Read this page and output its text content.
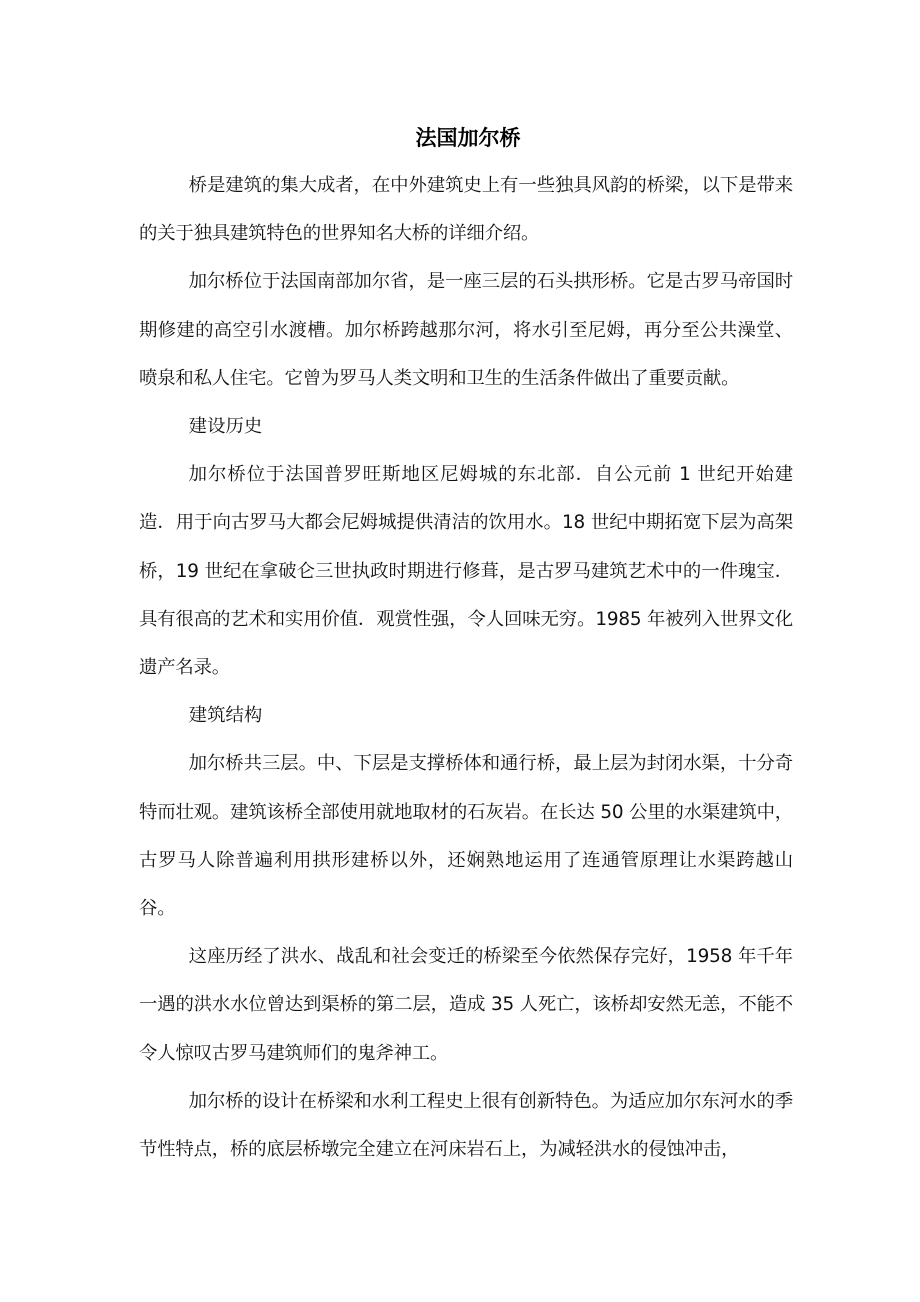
法国加尔桥

桥是建筑的集大成者，在中外建筑史上有一些独具风韵的桥梁，以下是带来的关于独具建筑特色的世界知名大桥的详细介绍。

加尔桥位于法国南部加尔省，是一座三层的石头拱形桥。它是古罗马帝国时期修建的高空引水渡槽。加尔桥跨越那尔河，将水引至尼姆，再分至公共澡堂、喷泉和私人住宅。它曾为罗马人类文明和卫生的生活条件做出了重要贡献。

建设历史

加尔桥位于法国普罗旺斯地区尼姆城的东北部．自公元前 1 世纪开始建造．用于向古罗马大都会尼姆城提供清洁的饮用水。18 世纪中期拓宽下层为高架桥，19 世纪在拿破仑三世执政时期进行修葺，是古罗马建筑艺术中的一件瑰宝．具有很高的艺术和实用价值．观赏性强，令人回味无穷。1985 年被列入世界文化遗产名录。

建筑结构

加尔桥共三层。中、下层是支撑桥体和通行桥，最上层为封闭水渠，十分奇特而壮观。建筑该桥全部使用就地取材的石灰岩。在长达 50 公里的水渠建筑中，古罗马人除普遍利用拱形建桥以外，还娴熟地运用了连通管原理让水渠跨越山谷。

这座历经了洪水、战乱和社会变迁的桥梁至今依然保存完好，1958 年千年一遇的洪水水位曾达到渠桥的第二层，造成 35 人死亡，该桥却安然无恙，不能不令人惊叹古罗马建筑师们的鬼斧神工。

加尔桥的设计在桥梁和水利工程史上很有创新特色。为适应加尔东河水的季节性特点，桥的底层桥墩完全建立在河床岩石上，为减轻洪水的侵蚀冲击，
